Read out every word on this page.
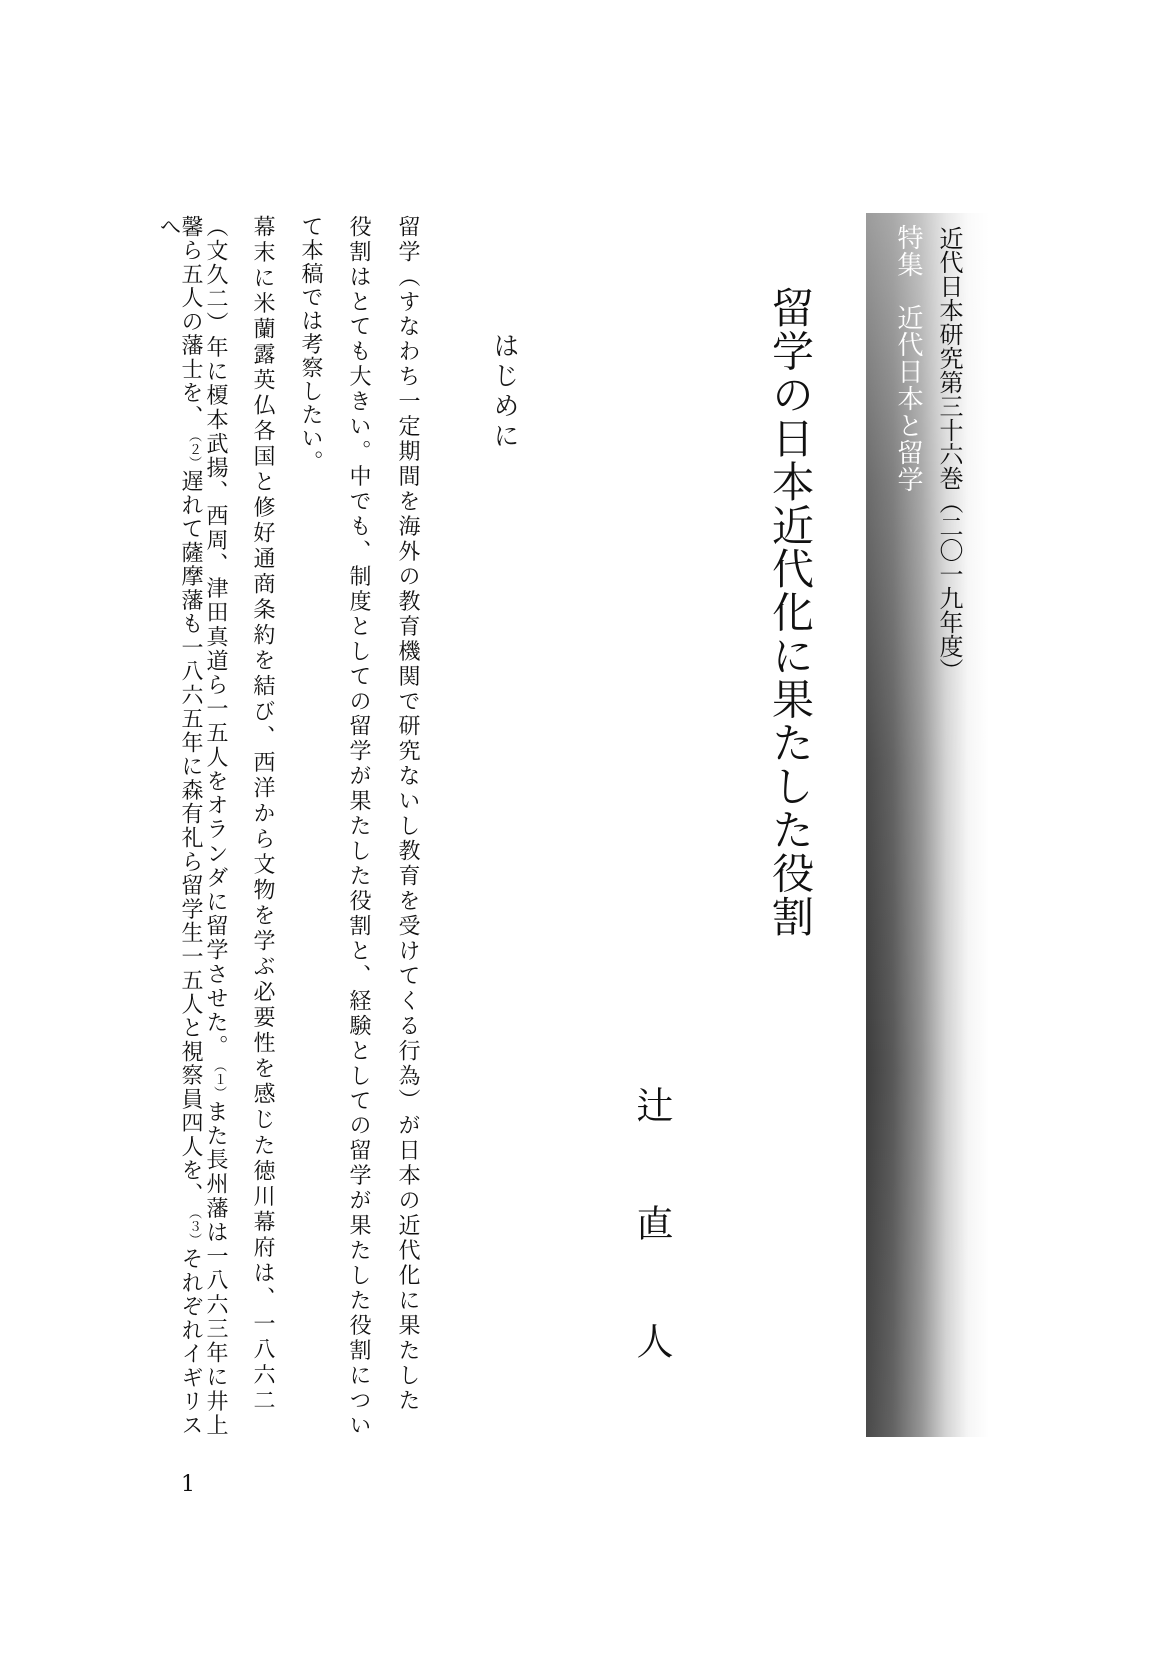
近代日本研究第三十六巻（二〇一九年度）
特集近代日本と留学
留学の日本近代化に果たした役割
辻　直　人
はじめに
留学（すなわち一定期間を海外の教育機関で研究ないし教育を受けてくる行為）が日本の近代化に果たした
役割はとても大きい。中でも、制度としての留学が果たした役割と、経験としての留学が果たした役割につい
て本稿では考察したい。
幕末に米蘭露英仏各国と修好通商条約を結び、西洋から文物を学ぶ必要性を感じた徳川幕府は、一八六二
（文久二）年に榎本武揚、西周、津田真道ら一五人をオランダに留学させた。（１）また長州藩は一八六三年に井上
馨ら五人の藩士を、（２）遅れて薩摩藩も一八六五年に森有礼ら留学生一五人と視察員四人を、（３）それぞれイギリスへ
1
